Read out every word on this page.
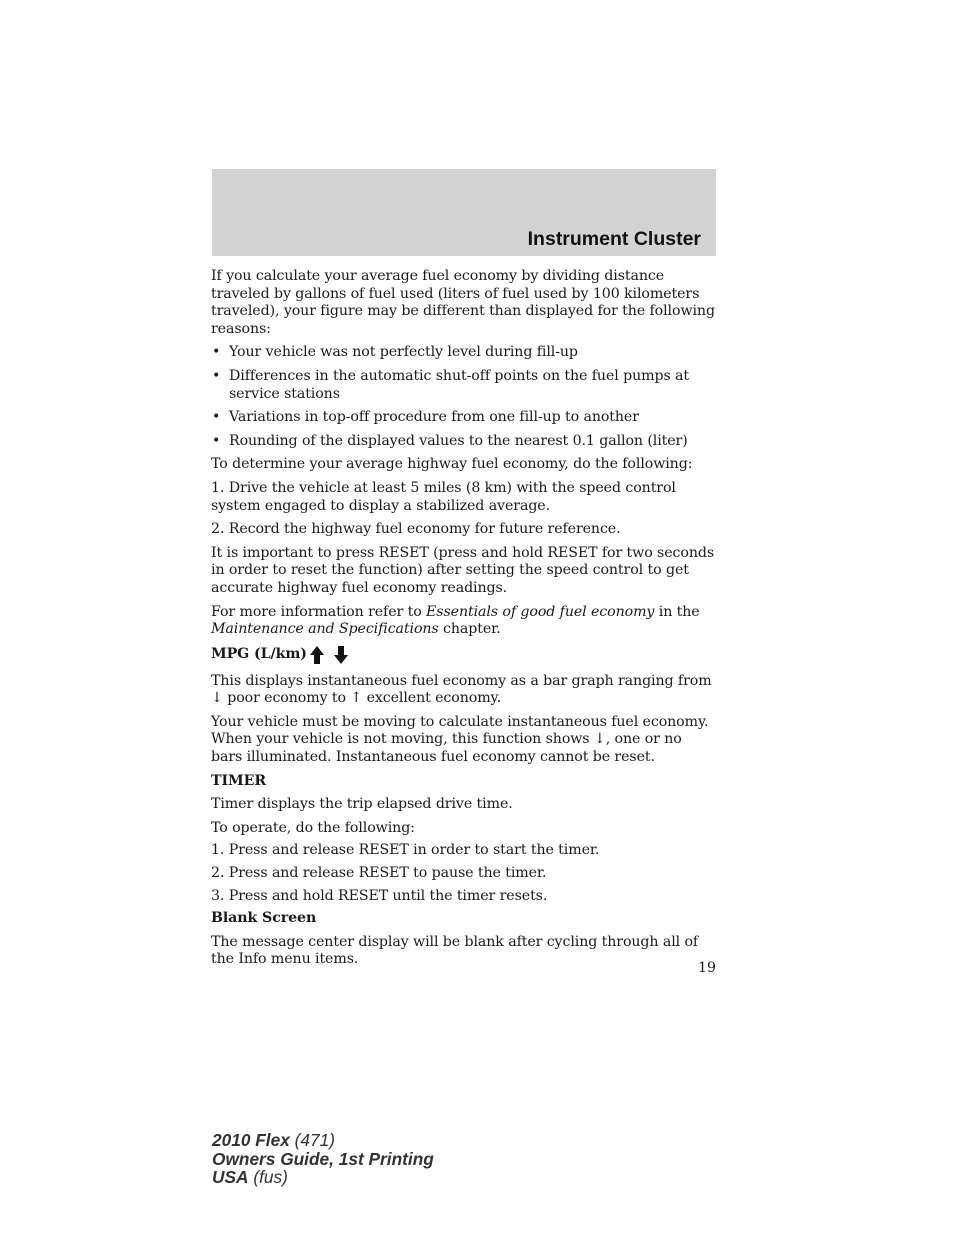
Instrument Cluster

If you calculate your average fuel economy by dividing distance traveled by gallons of fuel used (liters of fuel used by 100 kilometers traveled), your figure may be different than displayed for the following reasons:

• Your vehicle was not perfectly level during fill-up
• Differences in the automatic shut-off points on the fuel pumps at service stations
• Variations in top-off procedure from one fill-up to another
• Rounding of the displayed values to the nearest 0.1 gallon (liter)

To determine your average highway fuel economy, do the following:

1. Drive the vehicle at least 5 miles (8 km) with the speed control system engaged to display a stabilized average.

2. Record the highway fuel economy for future reference.

It is important to press RESET (press and hold RESET for two seconds in order to reset the function) after setting the speed control to get accurate highway fuel economy readings.

For more information refer to Essentials of good fuel economy in the Maintenance and Specifications chapter.

MPG (L/km)

This displays instantaneous fuel economy as a bar graph ranging from ↓ poor economy to ↑ excellent economy.

Your vehicle must be moving to calculate instantaneous fuel economy. When your vehicle is not moving, this function shows ↓, one or no bars illuminated. Instantaneous fuel economy cannot be reset.

TIMER

Timer displays the trip elapsed drive time.

To operate, do the following:

1. Press and release RESET in order to start the timer.

2. Press and release RESET to pause the timer.

3. Press and hold RESET until the timer resets.

Blank Screen

The message center display will be blank after cycling through all of the Info menu items.

19
2010 Flex (471)
Owners Guide, 1st Printing
USA (fus)
